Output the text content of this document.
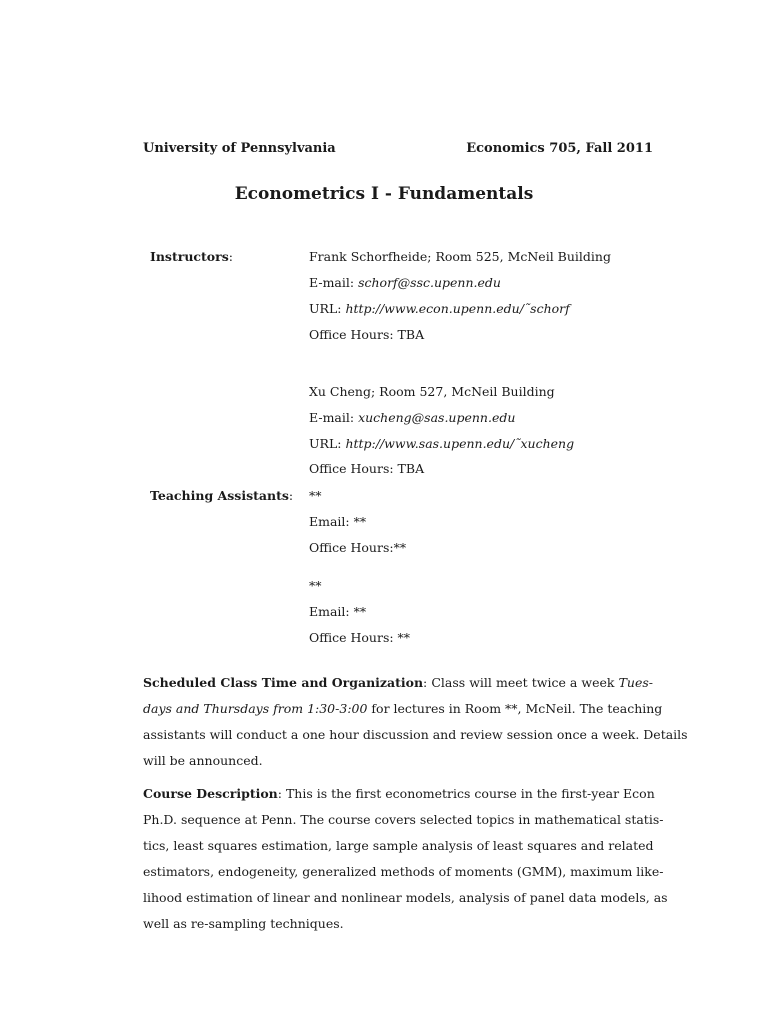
University of Pennsylvania	Economics 705, Fall 2011
Econometrics I - Fundamentals
Instructors:	Frank Schorfheide; Room 525, McNeil Building
E-mail: schorf@ssc.upenn.edu
URL: http://www.econ.upenn.edu/˜schorf
Office Hours: TBA
Xu Cheng; Room 527, McNeil Building
E-mail: xucheng@sas.upenn.edu
URL: http://www.sas.upenn.edu/˜xucheng
Office Hours: TBA
Teaching Assistants: **
Email: **
Office Hours:**
**
Email: **
Office Hours: **
Scheduled Class Time and Organization: Class will meet twice a week Tues-
days and Thursdays from 1:30-3:00 for lectures in Room **, McNeil. The teaching
assistants will conduct a one hour discussion and review session once a week. Details
will be announced.
Course Description: This is the first econometrics course in the first-year Econ
Ph.D. sequence at Penn. The course covers selected topics in mathematical statis-
tics, least squares estimation, large sample analysis of least squares and related
estimators, endogeneity, generalized methods of moments (GMM), maximum like-
lihood estimation of linear and nonlinear models, analysis of panel data models, as
well as re-sampling techniques.
